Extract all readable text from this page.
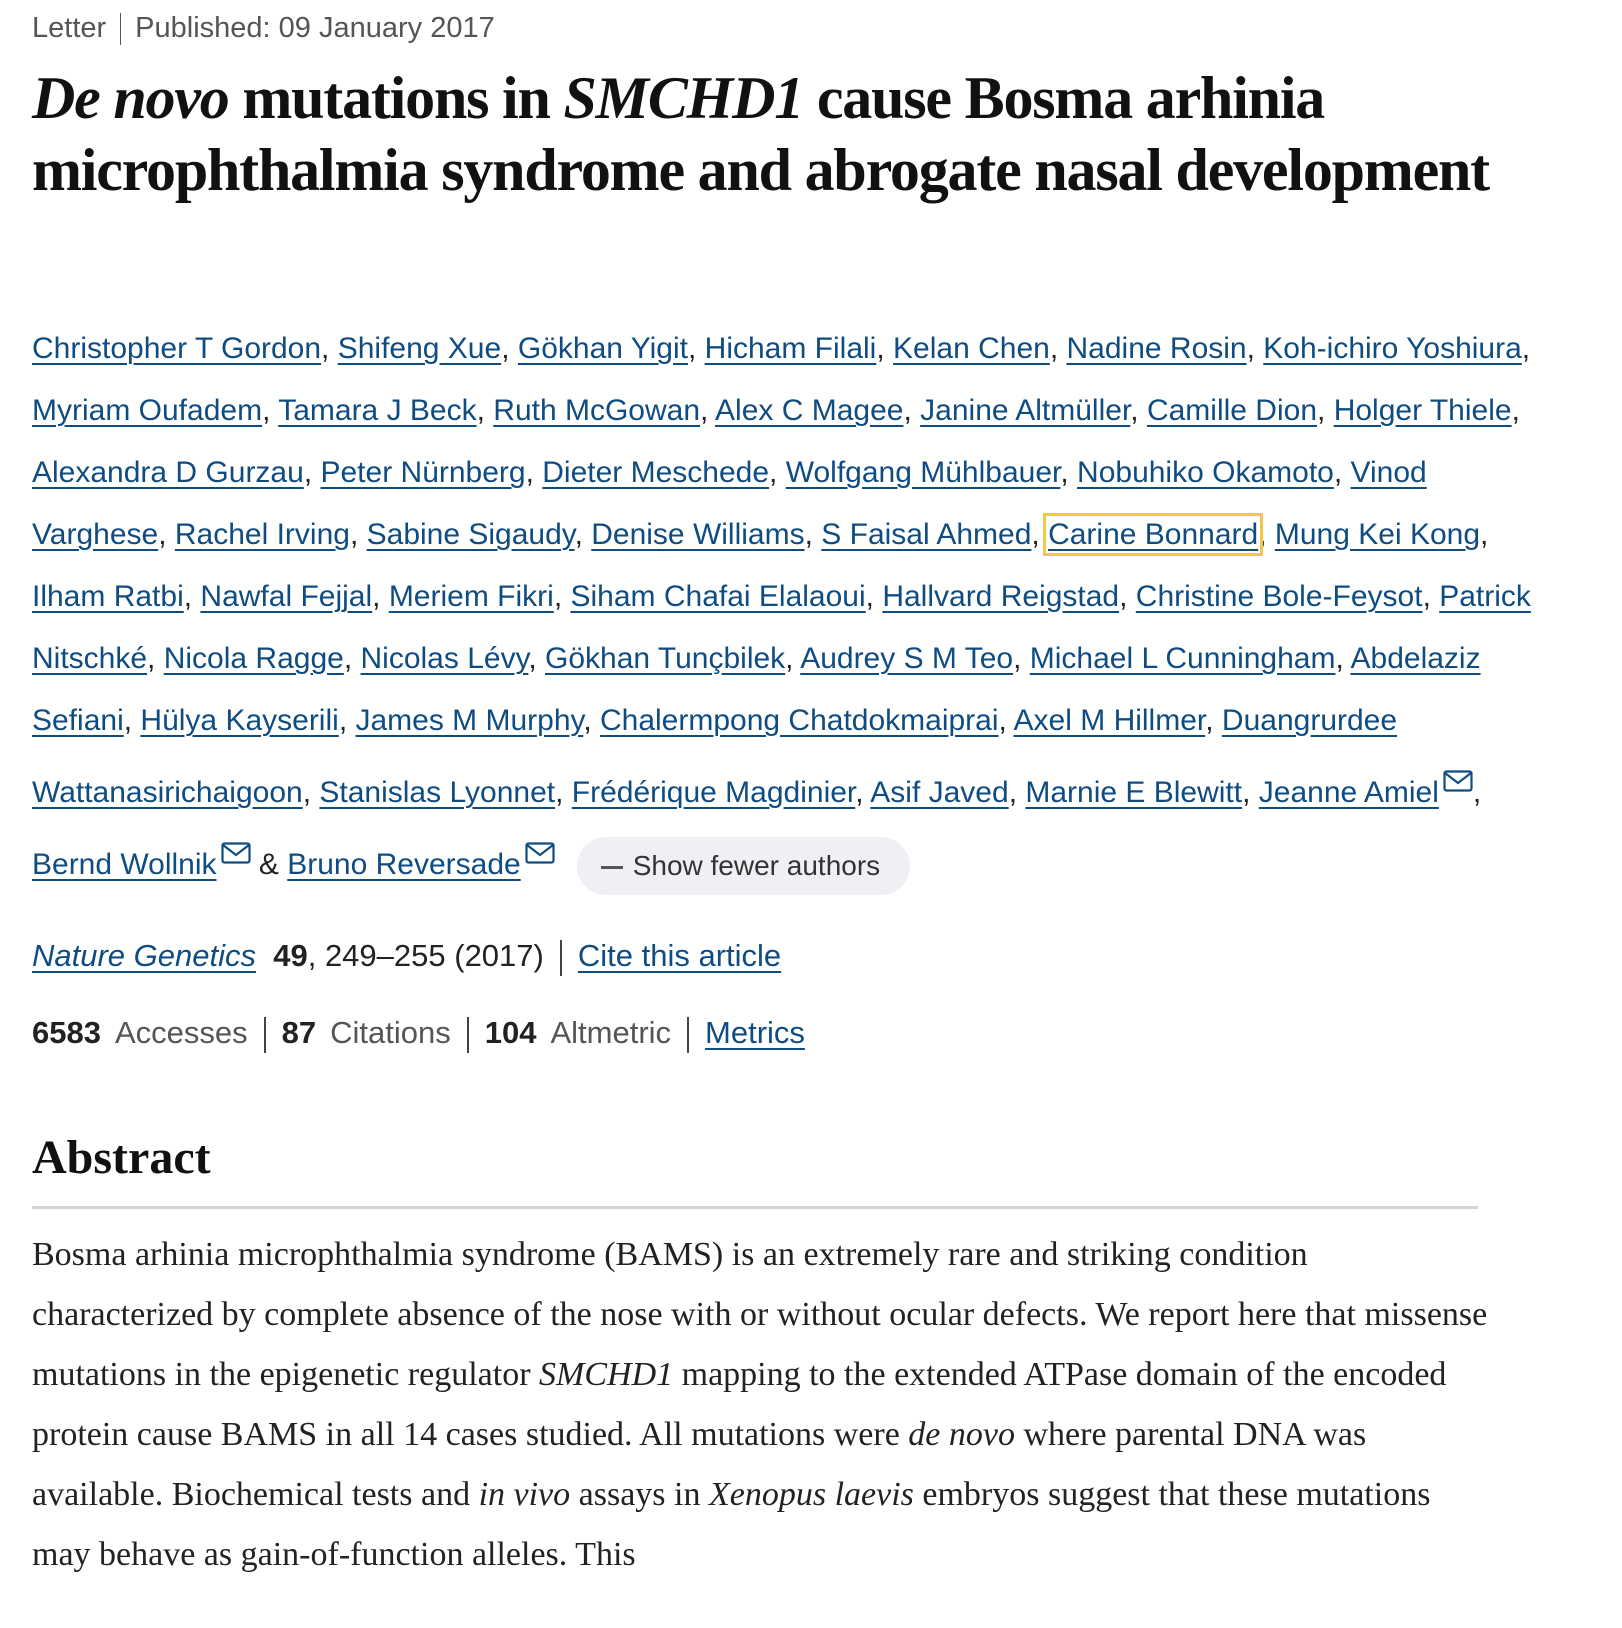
Letter Published: 09 January 2017
De novo mutations in SMCHD1 cause Bosma arhinia microphthalmia syndrome and abrogate nasal development
Christopher T Gordon, Shifeng Xue, Gökhan Yigit, Hicham Filali, Kelan Chen, Nadine Rosin, Koh-ichiro Yoshiura, Myriam Oufadem, Tamara J Beck, Ruth McGowan, Alex C Magee, Janine Altmüller, Camille Dion, Holger Thiele, Alexandra D Gurzau, Peter Nürnberg, Dieter Meschede, Wolfgang Mühlbauer, Nobuhiko Okamoto, Vinod Varghese, Rachel Irving, Sabine Sigaudy, Denise Williams, S Faisal Ahmed, Carine Bonnard, Mung Kei Kong, Ilham Ratbi, Nawfal Fejjal, Meriem Fikri, Siham Chafai Elalaoui, Hallvard Reigstad, Christine Bole-Feysot, Patrick Nitschké, Nicola Ragge, Nicolas Lévy, Gökhan Tunçbilek, Audrey S M Teo, Michael L Cunningham, Abdelaziz Sefiani, Hülya Kayserili, James M Murphy, Chalermpong Chatdokmaiprai, Axel M Hillmer, Duangrurdee Wattanasirichaigoon, Stanislas Lyonnet, Frédérique Magdinier, Asif Javed, Marnie E Blewitt, Jeanne Amiel , Bernd Wollnik & Bruno Reversade	Show fewer authors
Nature Genetics 49, 249–255 (2017) Cite this article
6583 Accesses 87 Citations 104 Altmetric Metrics
Abstract

Bosma arhinia microphthalmia syndrome (BAMS) is an extremely rare and striking condition characterized by complete absence of the nose with or without ocular defects. We report here that missense mutations in the epigenetic regulator SMCHD1 mapping to the extended ATPase domain of the encoded protein cause BAMS in all 14 cases studied. All mutations were de novo where parental DNA was available. Biochemical tests and in vivo assays in Xenopus laevis embryos suggest that these mutations may behave as gain-of-function alleles. This
